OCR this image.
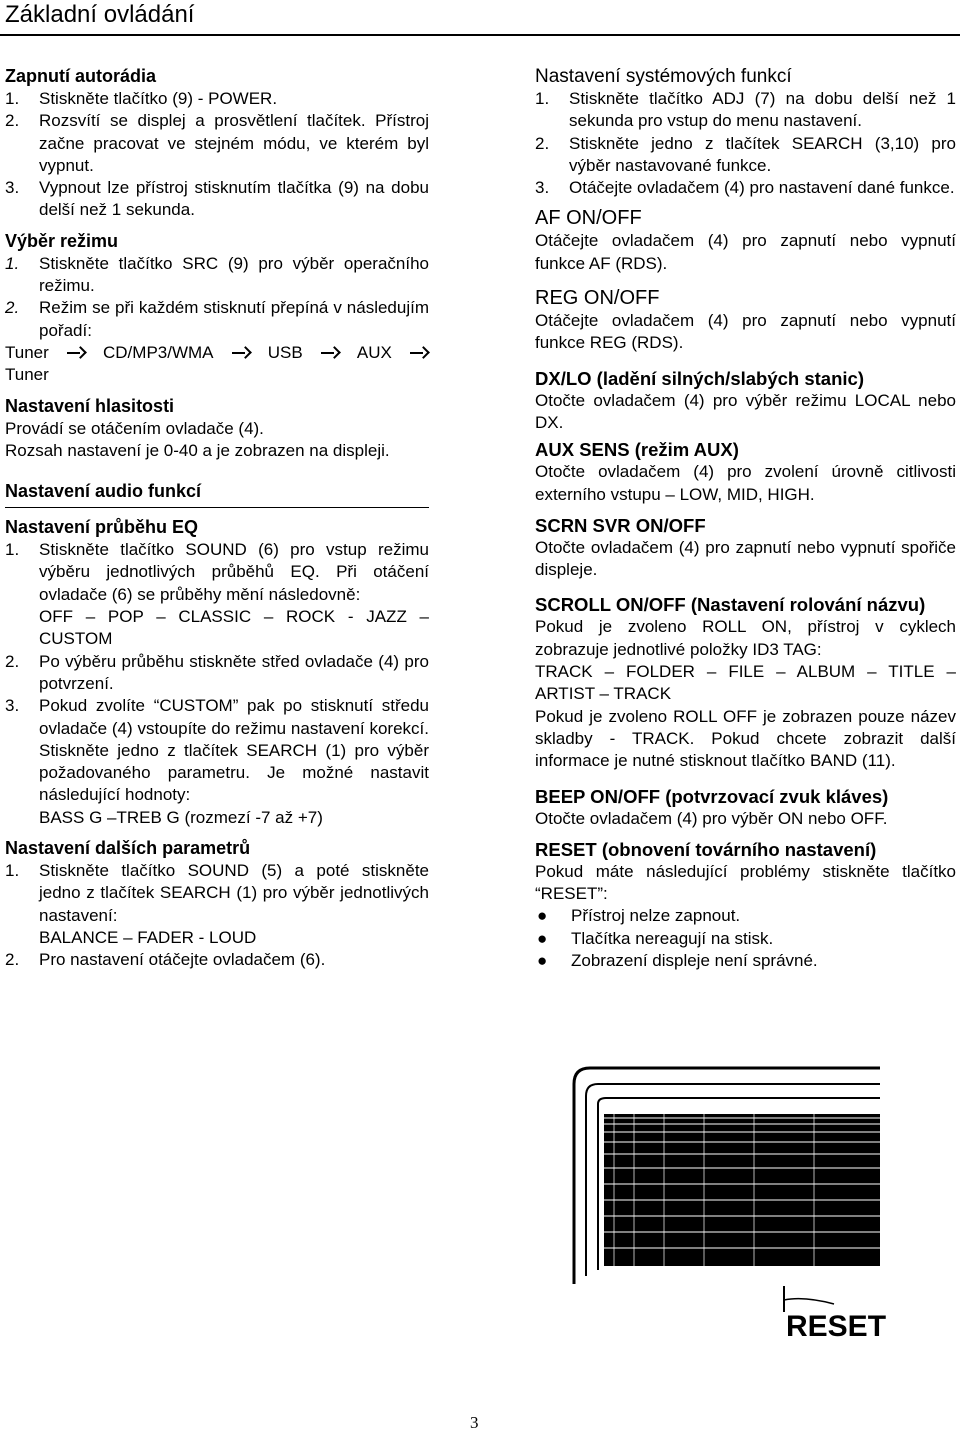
Základní ovládání

Zapnutí autorádia

1.	Stiskněte tlačítko (9) - POWER.
2.	Rozsvítí se displej a prosvětlení tlačítek. Přístroj začne pracovat ve stejném módu, ve kterém byl vypnut.
3.	Vypnout lze přístroj stisknutím tlačítka (9) na dobu delší než 1 sekunda.

Výběr režimu

1.	Stiskněte tlačítko SRC (9) pro výběr operačního režimu.
2.	Režim se při každém stisknutí přepíná v následujím pořadí:
Tuner	CD/MP3/WMA	USB	AUX

Tuner

Nastavení hlasitosti

Provádí se otáčením ovladače (4).

Rozsah nastavení je 0-40 a je zobrazen na displeji.

Nastavení audio funkcí

Nastavení průběhu EQ

1.	Stiskněte tlačítko SOUND (6) pro vstup režimu výběru jednotlivých průběhů EQ. Při otáčení ovladače (6) se průběhy mění následovně:
OFF – POP – CLASSIC – ROCK - JAZZ –
CUSTOM
2.	Po výběru průběhu stiskněte střed ovladače (4) pro potvrzení.
3.	Pokud zvolíte “CUSTOM” pak po stisknutí středu ovladače (4) vstoupíte do režimu nastavení korekcí. Stiskněte jedno z tlačítek SEARCH (1) pro výběr požadovaného parametru. Je možné nastavit následující hodnoty:
BASS G –TREB G (rozmezí -7 až +7)

Nastavení dalších parametrů

1.	Stiskněte tlačítko SOUND (5) a poté stiskněte jedno z tlačítek SEARCH (1) pro výběr jednotlivých nastavení:
BALANCE – FADER - LOUD
2.	Pro nastavení otáčejte ovladačem (6).

Nastavení systémových funkcí

1.	Stiskněte tlačítko ADJ (7) na dobu delší než 1 sekunda pro vstup do menu nastavení.
2.	Stiskněte jedno z tlačítek SEARCH (3,10) pro výběr nastavované funkce.
3.	Otáčejte ovladačem (4) pro nastavení dané funkce.

AF ON/OFF

Otáčejte ovladačem (4) pro zapnutí nebo vypnutí funkce AF (RDS).

REG ON/OFF

Otáčejte ovladačem (4) pro zapnutí nebo vypnutí funkce REG (RDS).

DX/LO (ladění silných/slabých stanic)

Otočte ovladačem (4) pro výběr režimu LOCAL nebo DX.

AUX SENS (režim AUX)

Otočte ovladačem (4) pro zvolení úrovně citlivosti externího vstupu – LOW, MID, HIGH.

SCRN SVR ON/OFF

Otočte ovladačem (4) pro zapnutí nebo vypnutí spořiče displeje.

SCROLL ON/OFF (Nastavení rolování názvu)

Pokud je zvoleno ROLL ON, přístroj v cyklech zobrazuje jednotlivé položky ID3 TAG:

TRACK – FOLDER – FILE – ALBUM – TITLE –

ARTIST – TRACK

Pokud je zvoleno ROLL OFF je zobrazen pouze název skladby - TRACK. Pokud chcete zobrazit další informace je nutné stisknout tlačítko BAND (11).

BEEP ON/OFF (potvrzovací zvuk kláves)

Otočte ovladačem (4) pro výběr ON nebo OFF.

RESET (obnovení továrního nastavení)

Pokud máte následující problémy stiskněte tlačítko “RESET”:

●	Přístroj nelze zapnout.
●	Tlačítka nereagují na stisk.
●	Zobrazení displeje není správné.
RESET
3
